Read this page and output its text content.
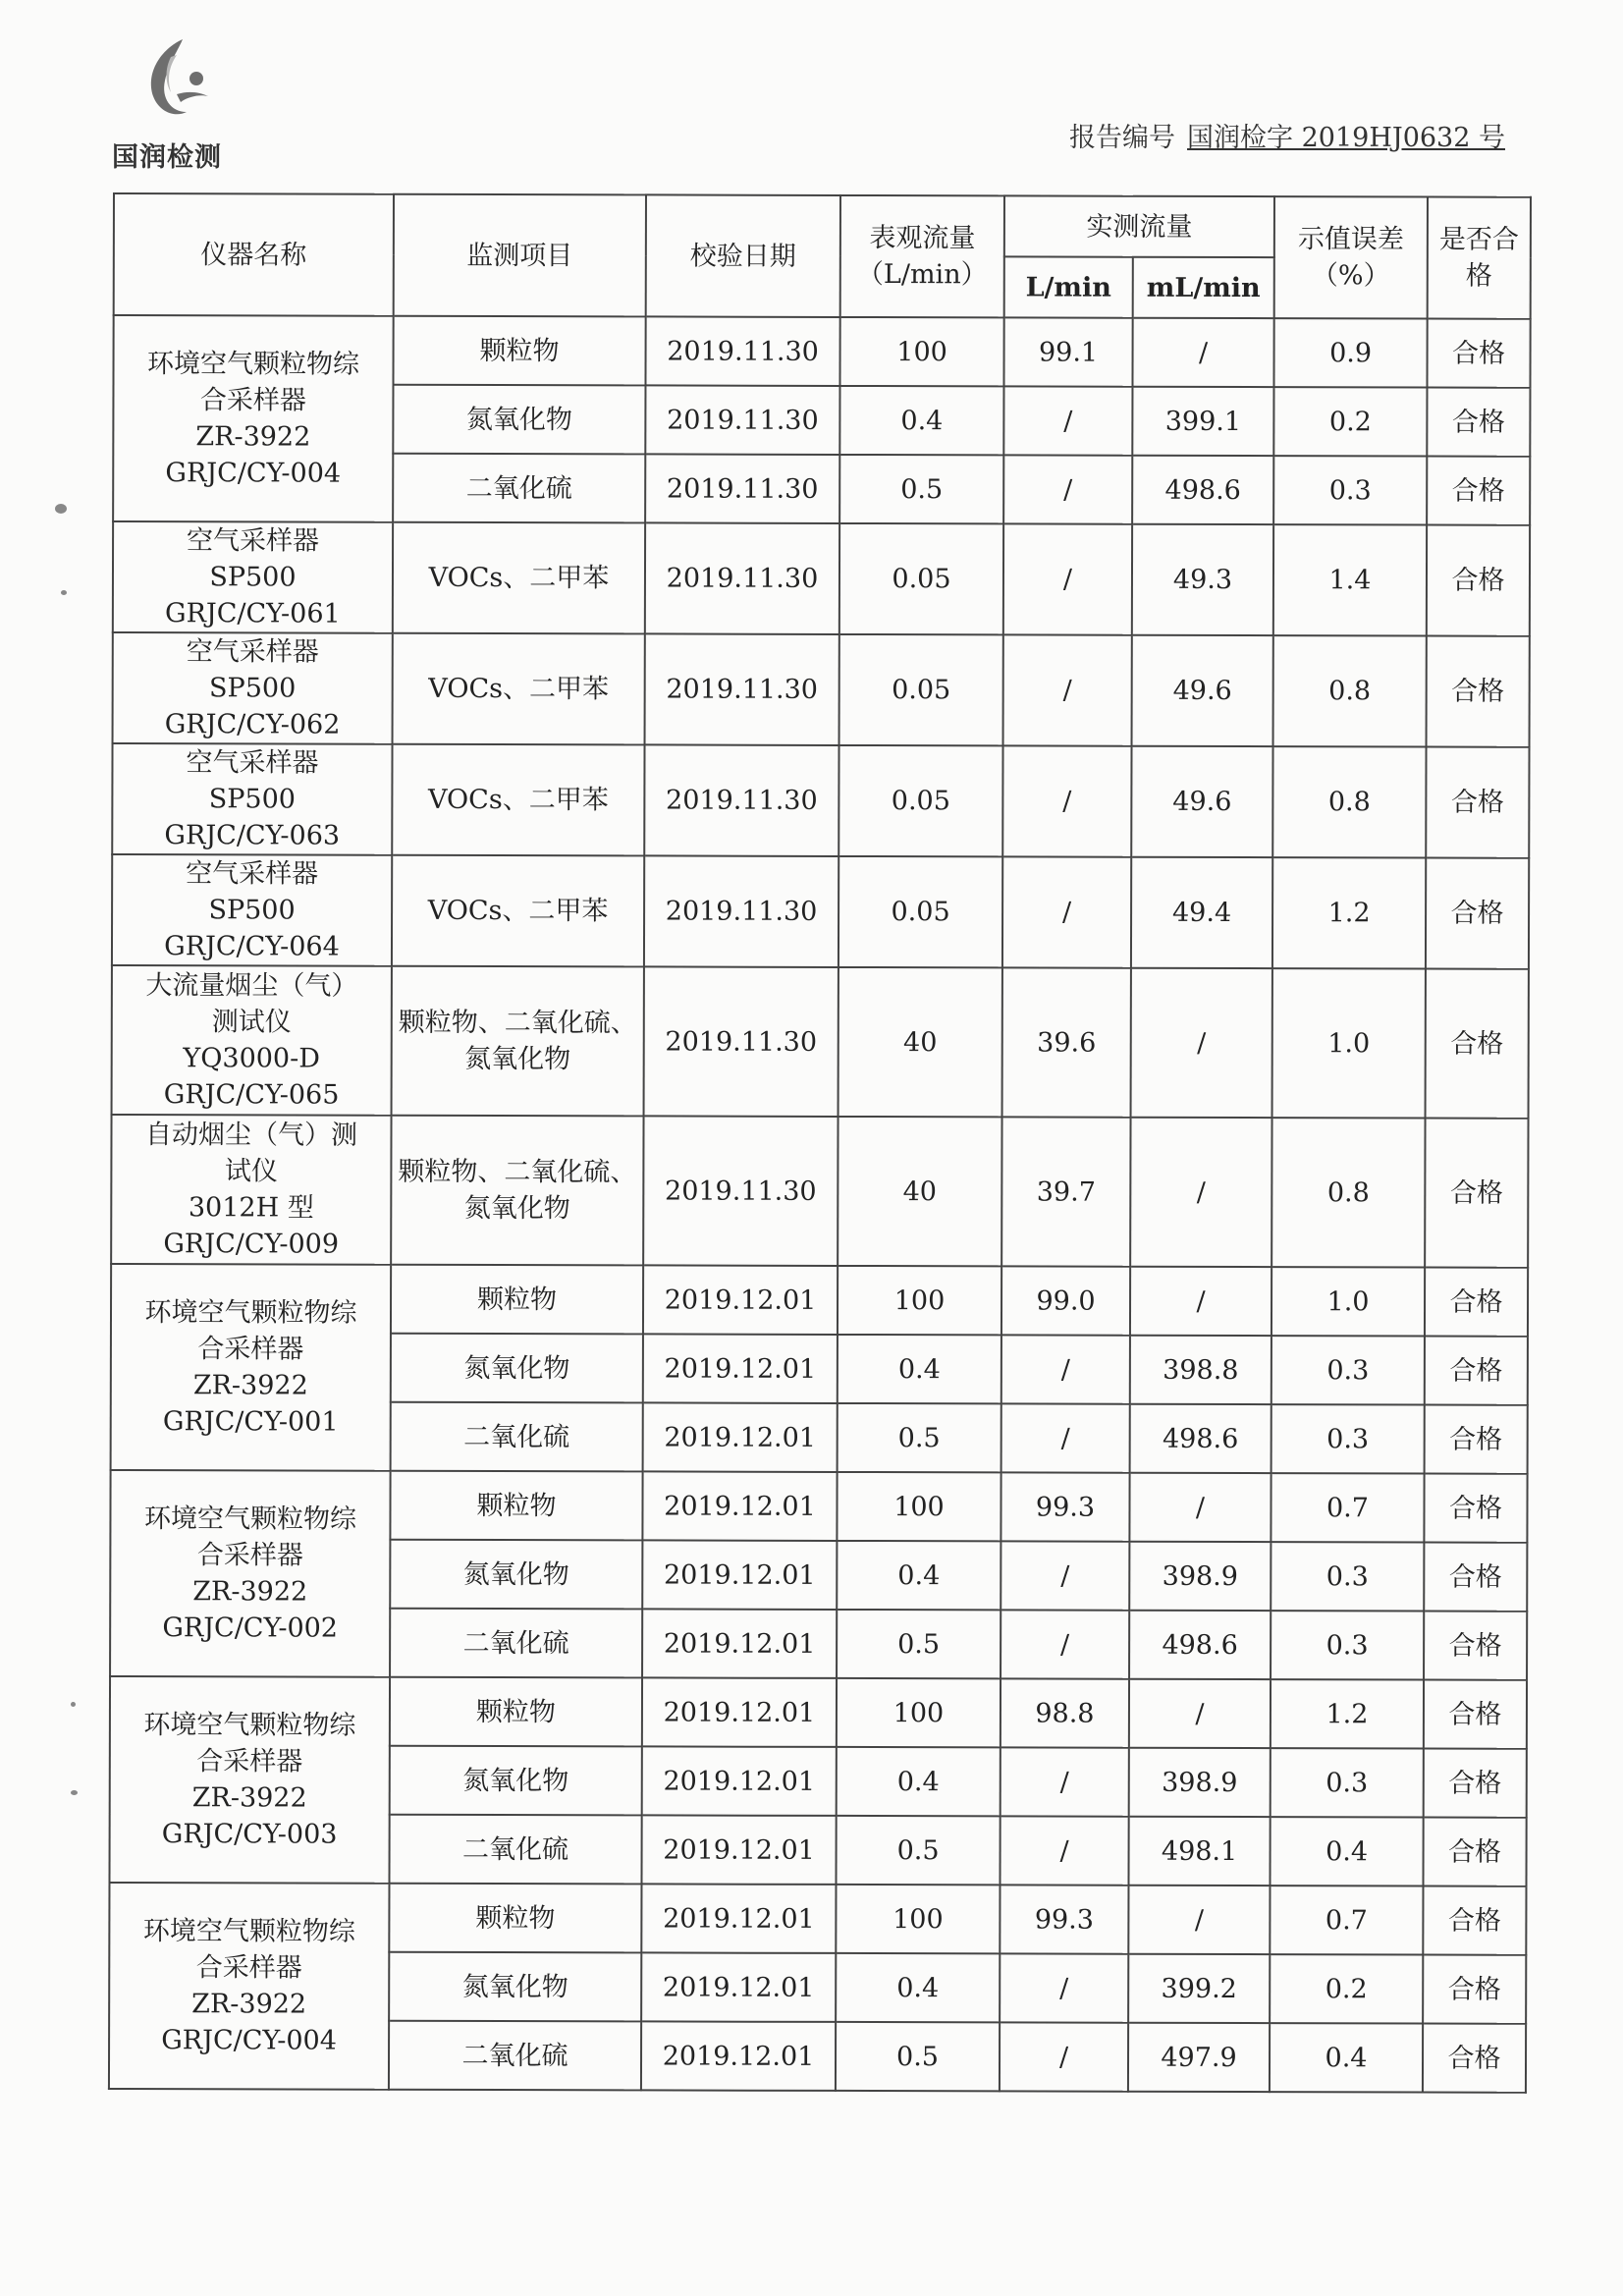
国润检测
报告编号 国润检字 2019HJ0632 号
仪器名称	监测项目	校验日期	表观流量（L/min）	实测流量		示值误差（%）	是否合格
				L/min	mL/min		

环境空气颗粒物综
合采样器
ZR-3922
GRJC/CY-004	颗粒物	2019.11.30	100	99.1	/	0.9	合格
	氮氧化物	2019.11.30	0.4	/	399.1	0.2	合格
	二氧化硫	2019.11.30	0.5	/	498.6	0.3	合格

空气采样器
SP500
GRJC/CY-061	VOCs、二甲苯	2019.11.30	0.05	/	49.3	1.4	合格

空气采样器
SP500
GRJC/CY-062	VOCs、二甲苯	2019.11.30	0.05	/	49.6	0.8	合格

空气采样器
SP500
GRJC/CY-063	VOCs、二甲苯	2019.11.30	0.05	/	49.6	0.8	合格

空气采样器
SP500
GRJC/CY-064	VOCs、二甲苯	2019.11.30	0.05	/	49.4	1.2	合格

大流量烟尘（气）
测试仪
YQ3000-D
GRJC/CY-065	颗粒物、二氧化硫、氮氧化物	2019.11.30	40	39.6	/	1.0	合格

自动烟尘（气）测
试仪
3012H 型
GRJC/CY-009	颗粒物、二氧化硫、氮氧化物	2019.11.30	40	39.7	/	0.8	合格

环境空气颗粒物综
合采样器
ZR-3922
GRJC/CY-001	颗粒物	2019.12.01	100	99.0	/	1.0	合格
	氮氧化物	2019.12.01	0.4	/	398.8	0.3	合格
	二氧化硫	2019.12.01	0.5	/	498.6	0.3	合格

环境空气颗粒物综
合采样器
ZR-3922
GRJC/CY-002	颗粒物	2019.12.01	100	99.3	/	0.7	合格
	氮氧化物	2019.12.01	0.4	/	398.9	0.3	合格
	二氧化硫	2019.12.01	0.5	/	498.6	0.3	合格

环境空气颗粒物综
合采样器
ZR-3922
GRJC/CY-003	颗粒物	2019.12.01	100	98.8	/	1.2	合格
	氮氧化物	2019.12.01	0.4	/	398.9	0.3	合格
	二氧化硫	2019.12.01	0.5	/	498.1	0.4	合格

环境空气颗粒物综
合采样器
ZR-3922
GRJC/CY-004	颗粒物	2019.12.01	100	99.3	/	0.7	合格
	氮氧化物	2019.12.01	0.4	/	399.2	0.2	合格
	二氧化硫	2019.12.01	0.5	/	497.9	0.4	合格
